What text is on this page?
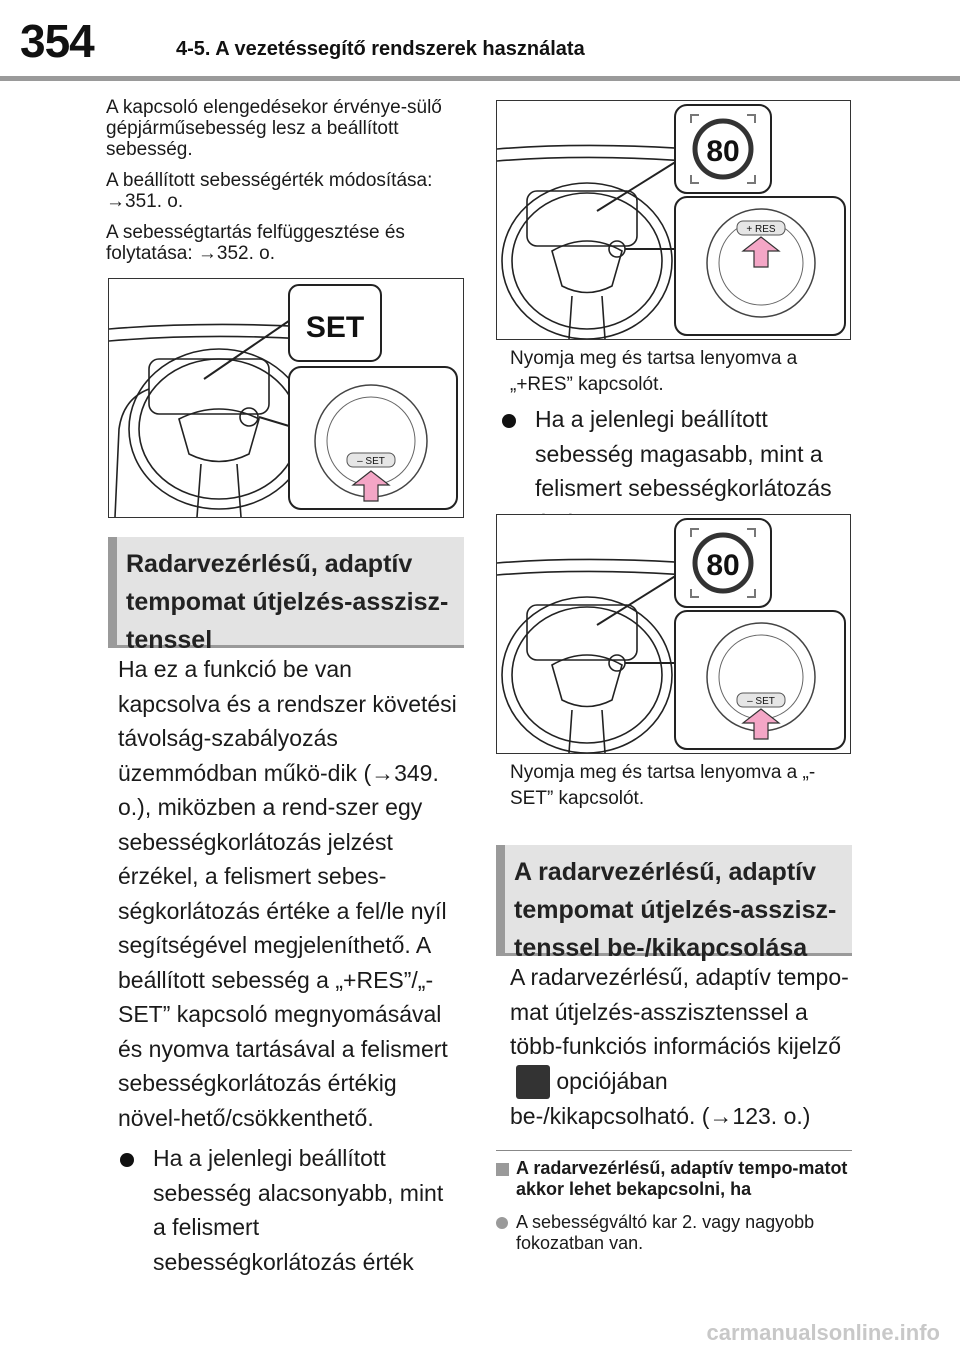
354	4-5. A vezetéssegítő rendszerek használata

A kapcsoló elengedésekor érvénye-sülő gépjárműsebesség lesz a beállított sebesség.

A beállított sebességérték módosítása: →351. o.

A sebességtartás felfüggesztése és folytatása: →352. o.

SET
– SET
Radarvezérlésű, adaptív tempomat útjelzés-asszisz-tenssel

Ha ez a funkció be van kapcsolva és a rendszer követési távolság-szabályozás üzemmódban műkö-dik (→349. o.), miközben a rend-szer egy sebességkorlátozás jelzést érzékel, a felismert sebes-ségkorlátozás értéke a fel/le nyíl segítségével megjeleníthető. A beállított sebesség a „+RES”/„-SET” kapcsoló megnyomásával és nyomva tartásával a felismert sebességkorlátozás értékig növel-hető/csökkenthető.

Ha a jelenlegi beállított sebesség alacsonyabb, mint a felismert sebességkorlátozás érték
80
+ RES

Nyomja meg és tartsa lenyomva a „+RES” kapcsolót.

Ha a jelenlegi beállított sebesség magasabb, mint a felismert sebességkorlátozás
80
– SET

Nyomja meg és tartsa lenyomva a „-SET” kapcsolót.

A radarvezérlésű, adaptív tempomat útjelzés-asszisz-tenssel be-/kikapcsolása

A radarvezérlésű, adaptív tempo-mat útjelzés-asszisztenssel a több-funkciós információs kijelző opciójában be-/kikapcsolható. (→123. o.)

A radarvezérlésű, adaptív tempo-matot akkor lehet bekapcsolni, ha
A sebességváltó kar 2. vagy nagyobb fokozatban van.
carmanualsonline.info
